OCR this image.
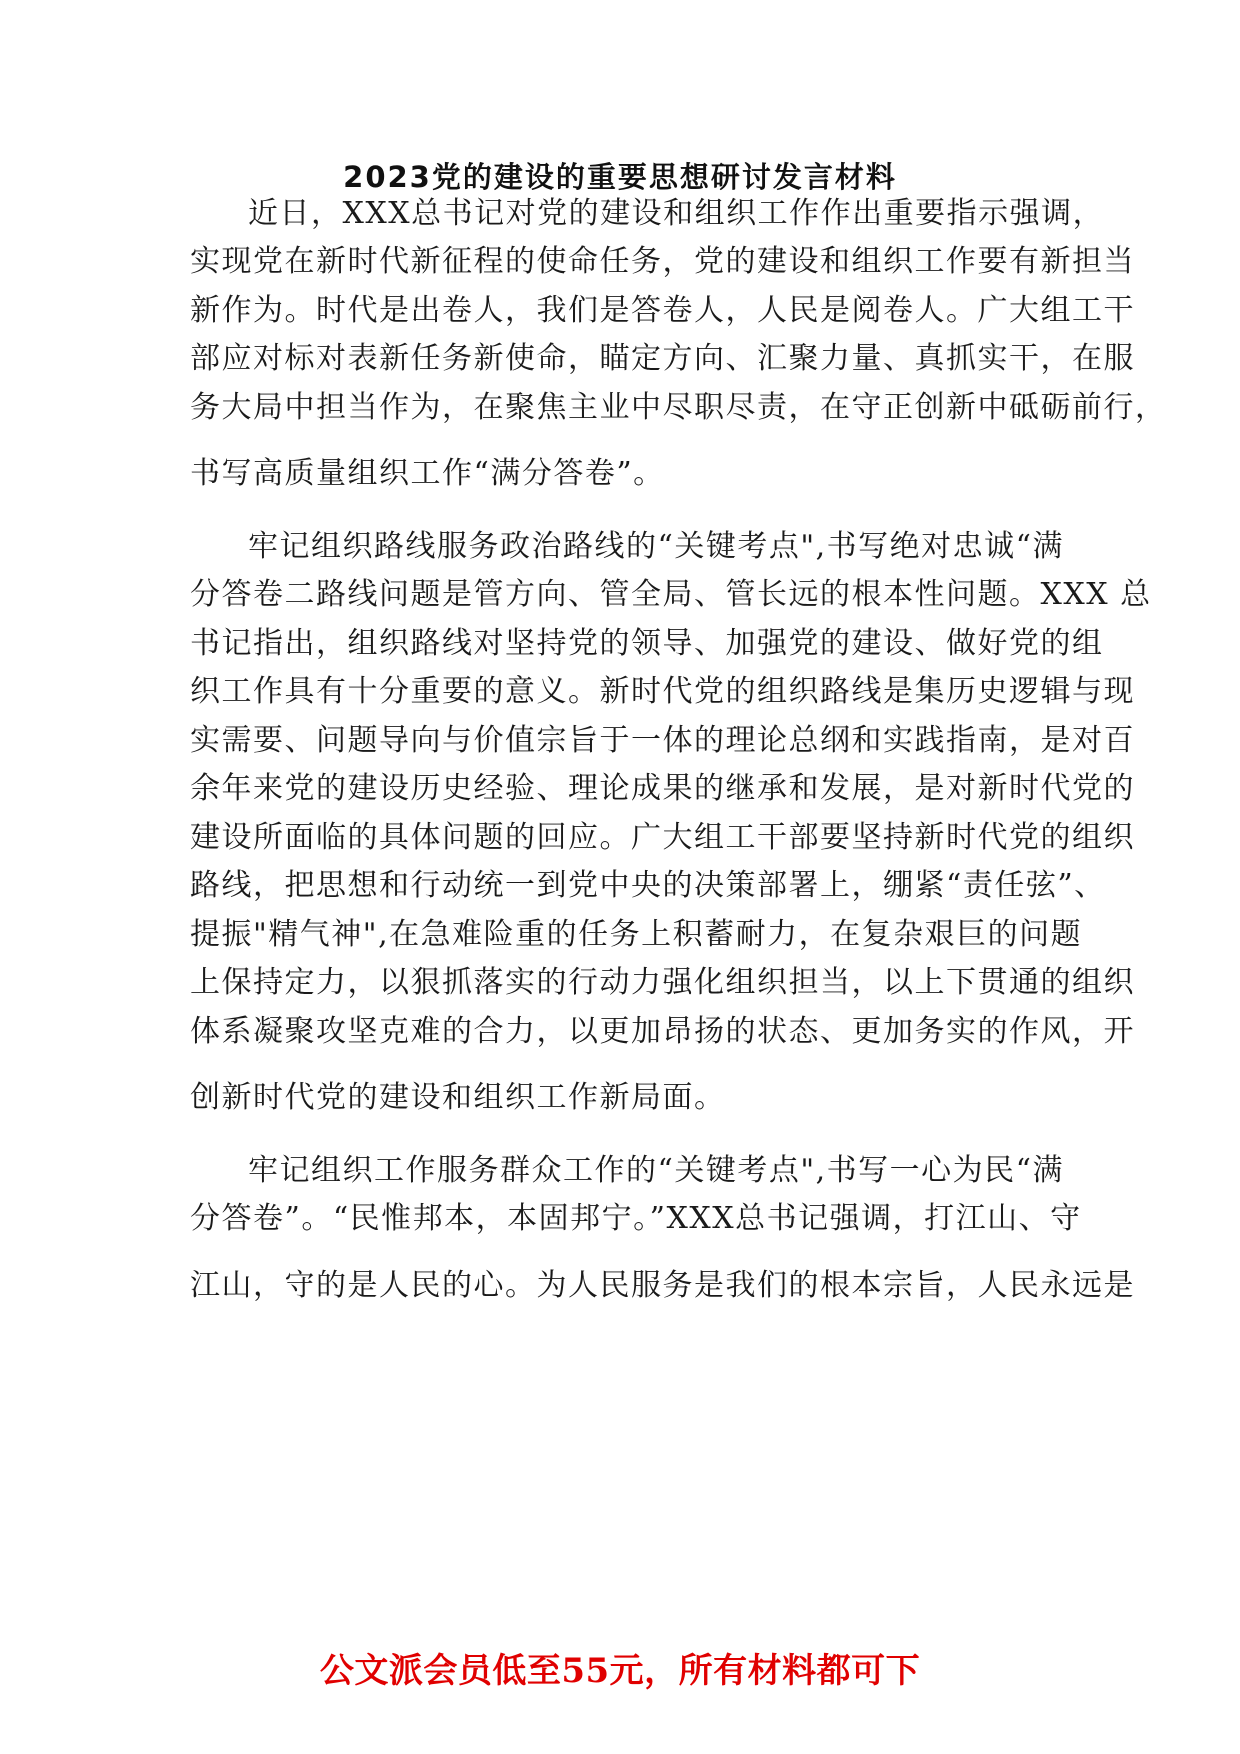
2023党的建设的重要思想研讨发言材料
近日，XXX总书记对党的建设和组织工作作出重要指示强调，
实现党在新时代新征程的使命任务，党的建设和组织工作要有新担当
新作为。时代是出卷人，我们是答卷人，人民是阅卷人。广大组工干
部应对标对表新任务新使命，瞄定方向、汇聚力量、真抓实干，在服
务大局中担当作为，在聚焦主业中尽职尽责，在守正创新中砥砺前行，
书写高质量组织工作“满分答卷”。
牢记组织路线服务政治路线的“关键考点",书写绝对忠诚“满
分答卷二路线问题是管方向、管全局、管长远的根本性问题。XXX 总
书记指出，组织路线对坚持党的领导、加强党的建设、做好党的组
织工作具有十分重要的意义。新时代党的组织路线是集历史逻辑与现
实需要、问题导向与价值宗旨于一体的理论总纲和实践指南，是对百
余年来党的建设历史经验、理论成果的继承和发展，是对新时代党的
建设所面临的具体问题的回应。广大组工干部要坚持新时代党的组织
路线，把思想和行动统一到党中央的决策部署上，绷紧“责任弦”、
提振"精气神",在急难险重的任务上积蓄耐力，在复杂艰巨的问题
上保持定力，以狠抓落实的行动力强化组织担当，以上下贯通的组织
体系凝聚攻坚克难的合力，以更加昂扬的状态、更加务实的作风，开
创新时代党的建设和组织工作新局面。
牢记组织工作服务群众工作的“关键考点",书写一心为民“满
分答卷”。“民惟邦本，本固邦宁。”XXX总书记强调，打江山、守
江山，守的是人民的心。为人民服务是我们的根本宗旨，人民永远是
公文派会员低至55元，所有材料都可下
